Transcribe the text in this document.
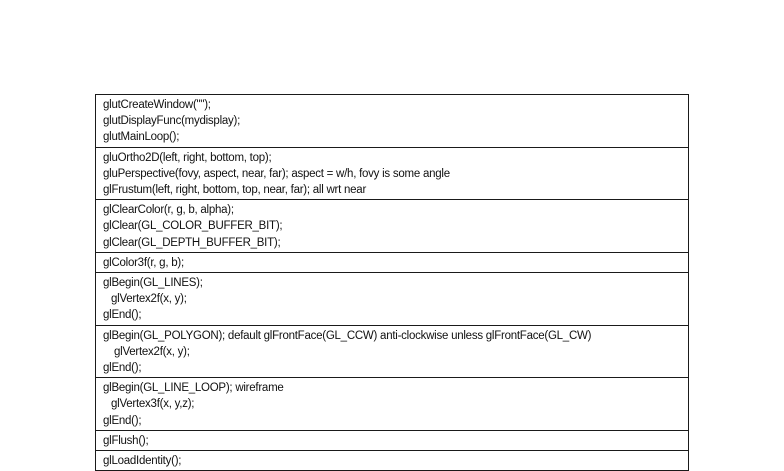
glutCreateWindow("");
glutDisplayFunc(mydisplay);
glutMainLoop();

gluOrtho2D(left, right, bottom, top);
gluPerspective(fovy, aspect, near, far); aspect = w/h, fovy is some angle
glFrustum(left, right, bottom, top, near, far); all wrt near

glClearColor(r, g, b, alpha);
glClear(GL_COLOR_BUFFER_BIT);
glClear(GL_DEPTH_BUFFER_BIT);

glColor3f(r, g, b);

glBegin(GL_LINES);
glVertex2f(x, y);
glEnd();

glBegin(GL_POLYGON); default glFrontFace(GL_CCW) anti-clockwise unless glFrontFace(GL_CW)
glVertex2f(x, y);
glEnd();

glBegin(GL_LINE_LOOP); wireframe
glVertex3f(x, y,z);
glEnd();

glFlush();

glLoadIdentity();
